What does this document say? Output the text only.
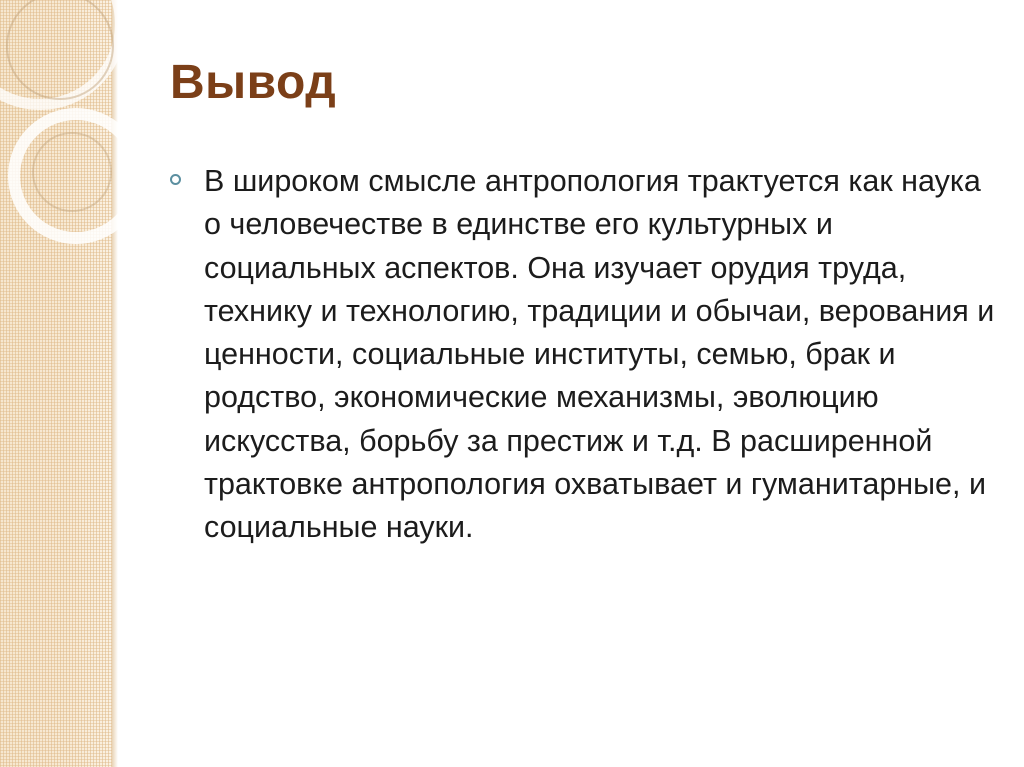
Вывод
В широком смысле антропология трактуется как наука о человечестве в единстве его культурных и социальных аспектов. Она изучает орудия труда, технику и технологию, традиции и обычаи, верования и ценности, социальные институты, семью, брак и родство, экономические механизмы, эволюцию искусства, борьбу за престиж и т.д. В расширенной трактовке антропология охватывает и гуманитарные, и социальные науки.
